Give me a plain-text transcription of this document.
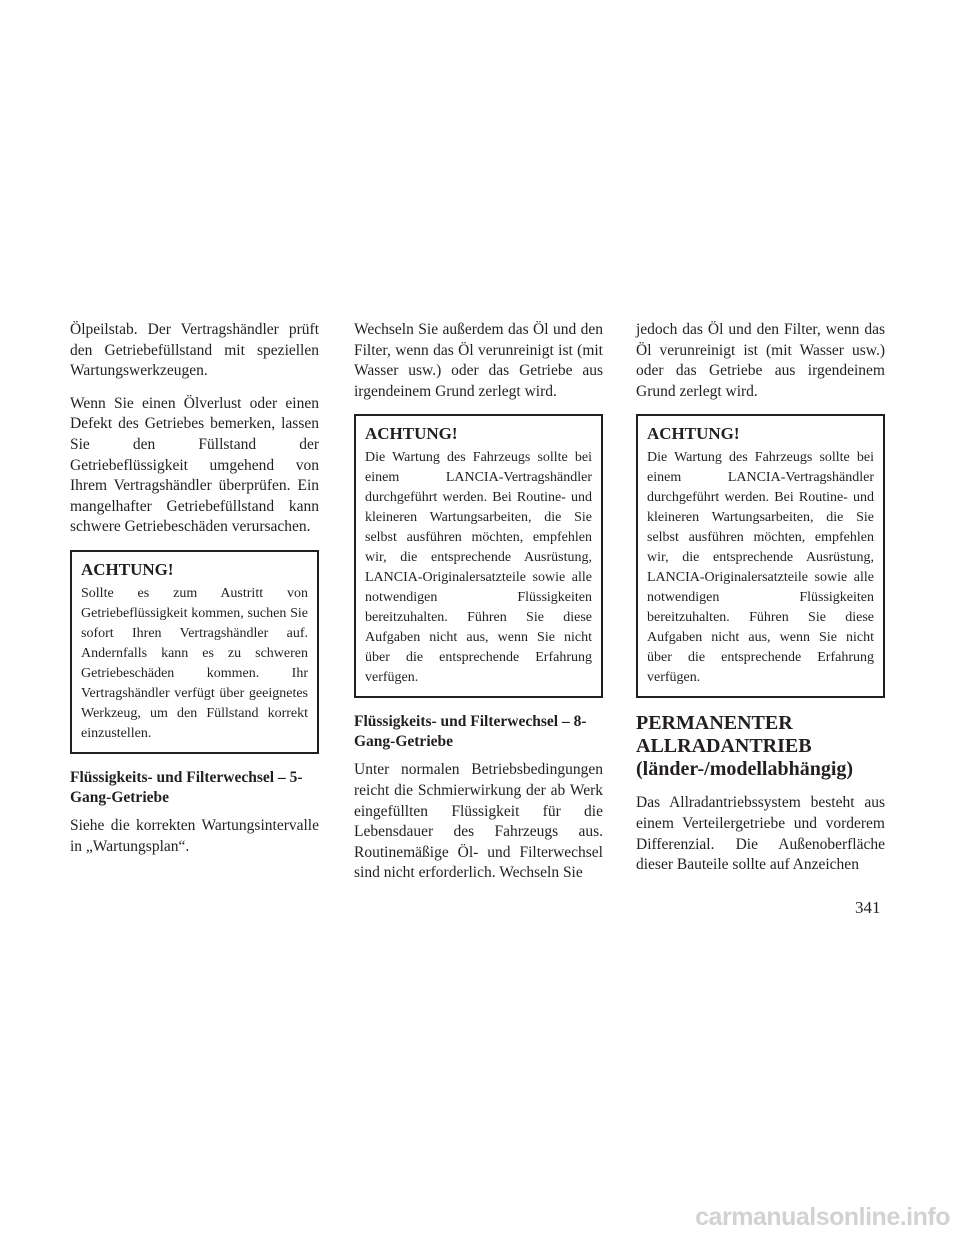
Ölpeilstab. Der Vertragshändler prüft den Getriebefüllstand mit speziellen Wartungswerkzeugen.

Wenn Sie einen Ölverlust oder einen Defekt des Getriebes bemerken, lassen Sie den Füllstand der Getriebeflüssigkeit umgehend von Ihrem Vertragshändler überprüfen. Ein mangelhafter Getriebefüllstand kann schwere Getriebeschäden verursachen.

ACHTUNG!
Sollte es zum Austritt von Getriebeflüssigkeit kommen, suchen Sie sofort Ihren Vertragshändler auf. Andernfalls kann es zu schweren Getriebeschäden kommen. Ihr Vertragshändler verfügt über geeignetes Werkzeug, um den Füllstand korrekt einzustellen.
Flüssigkeits- und Filterwechsel – 5-Gang-Getriebe

Siehe die korrekten Wartungsintervalle in „Wartungsplan“.

Wechseln Sie außerdem das Öl und den Filter, wenn das Öl verunreinigt ist (mit Wasser usw.) oder das Getriebe aus irgendeinem Grund zerlegt wird.

ACHTUNG!
Die Wartung des Fahrzeugs sollte bei einem LANCIA-Vertragshändler durchgeführt werden. Bei Routine- und kleineren Wartungsarbeiten, die Sie selbst ausführen möchten, empfehlen wir, die entsprechende Ausrüstung, LANCIA-Originalersatzteile sowie alle notwendigen Flüssigkeiten bereitzuhalten. Führen Sie diese Aufgaben nicht aus, wenn Sie nicht über die entsprechende Erfahrung verfügen.
Flüssigkeits- und Filterwechsel – 8-Gang-Getriebe

Unter normalen Betriebsbedingungen reicht die Schmierwirkung der ab Werk eingefüllten Flüssigkeit für die Lebensdauer des Fahrzeugs aus. Routinemäßige Öl- und Filterwechsel sind nicht erforderlich. Wechseln Sie

jedoch das Öl und den Filter, wenn das Öl verunreinigt ist (mit Wasser usw.) oder das Getriebe aus irgendeinem Grund zerlegt wird.

ACHTUNG!
Die Wartung des Fahrzeugs sollte bei einem LANCIA-Vertragshändler durchgeführt werden. Bei Routine- und kleineren Wartungsarbeiten, die Sie selbst ausführen möchten, empfehlen wir, die entsprechende Ausrüstung, LANCIA-Originalersatzteile sowie alle notwendigen Flüssigkeiten bereitzuhalten. Führen Sie diese Aufgaben nicht aus, wenn Sie nicht über die entsprechende Erfahrung verfügen.
PERMANENTER
ALLRADANTRIEB
(länder-/modellabhängig)

Das Allradantriebssystem besteht aus einem Verteilergetriebe und vorderem Differenzial. Die Außenoberfläche dieser Bauteile sollte auf Anzeichen

341
carmanualsonline.info
